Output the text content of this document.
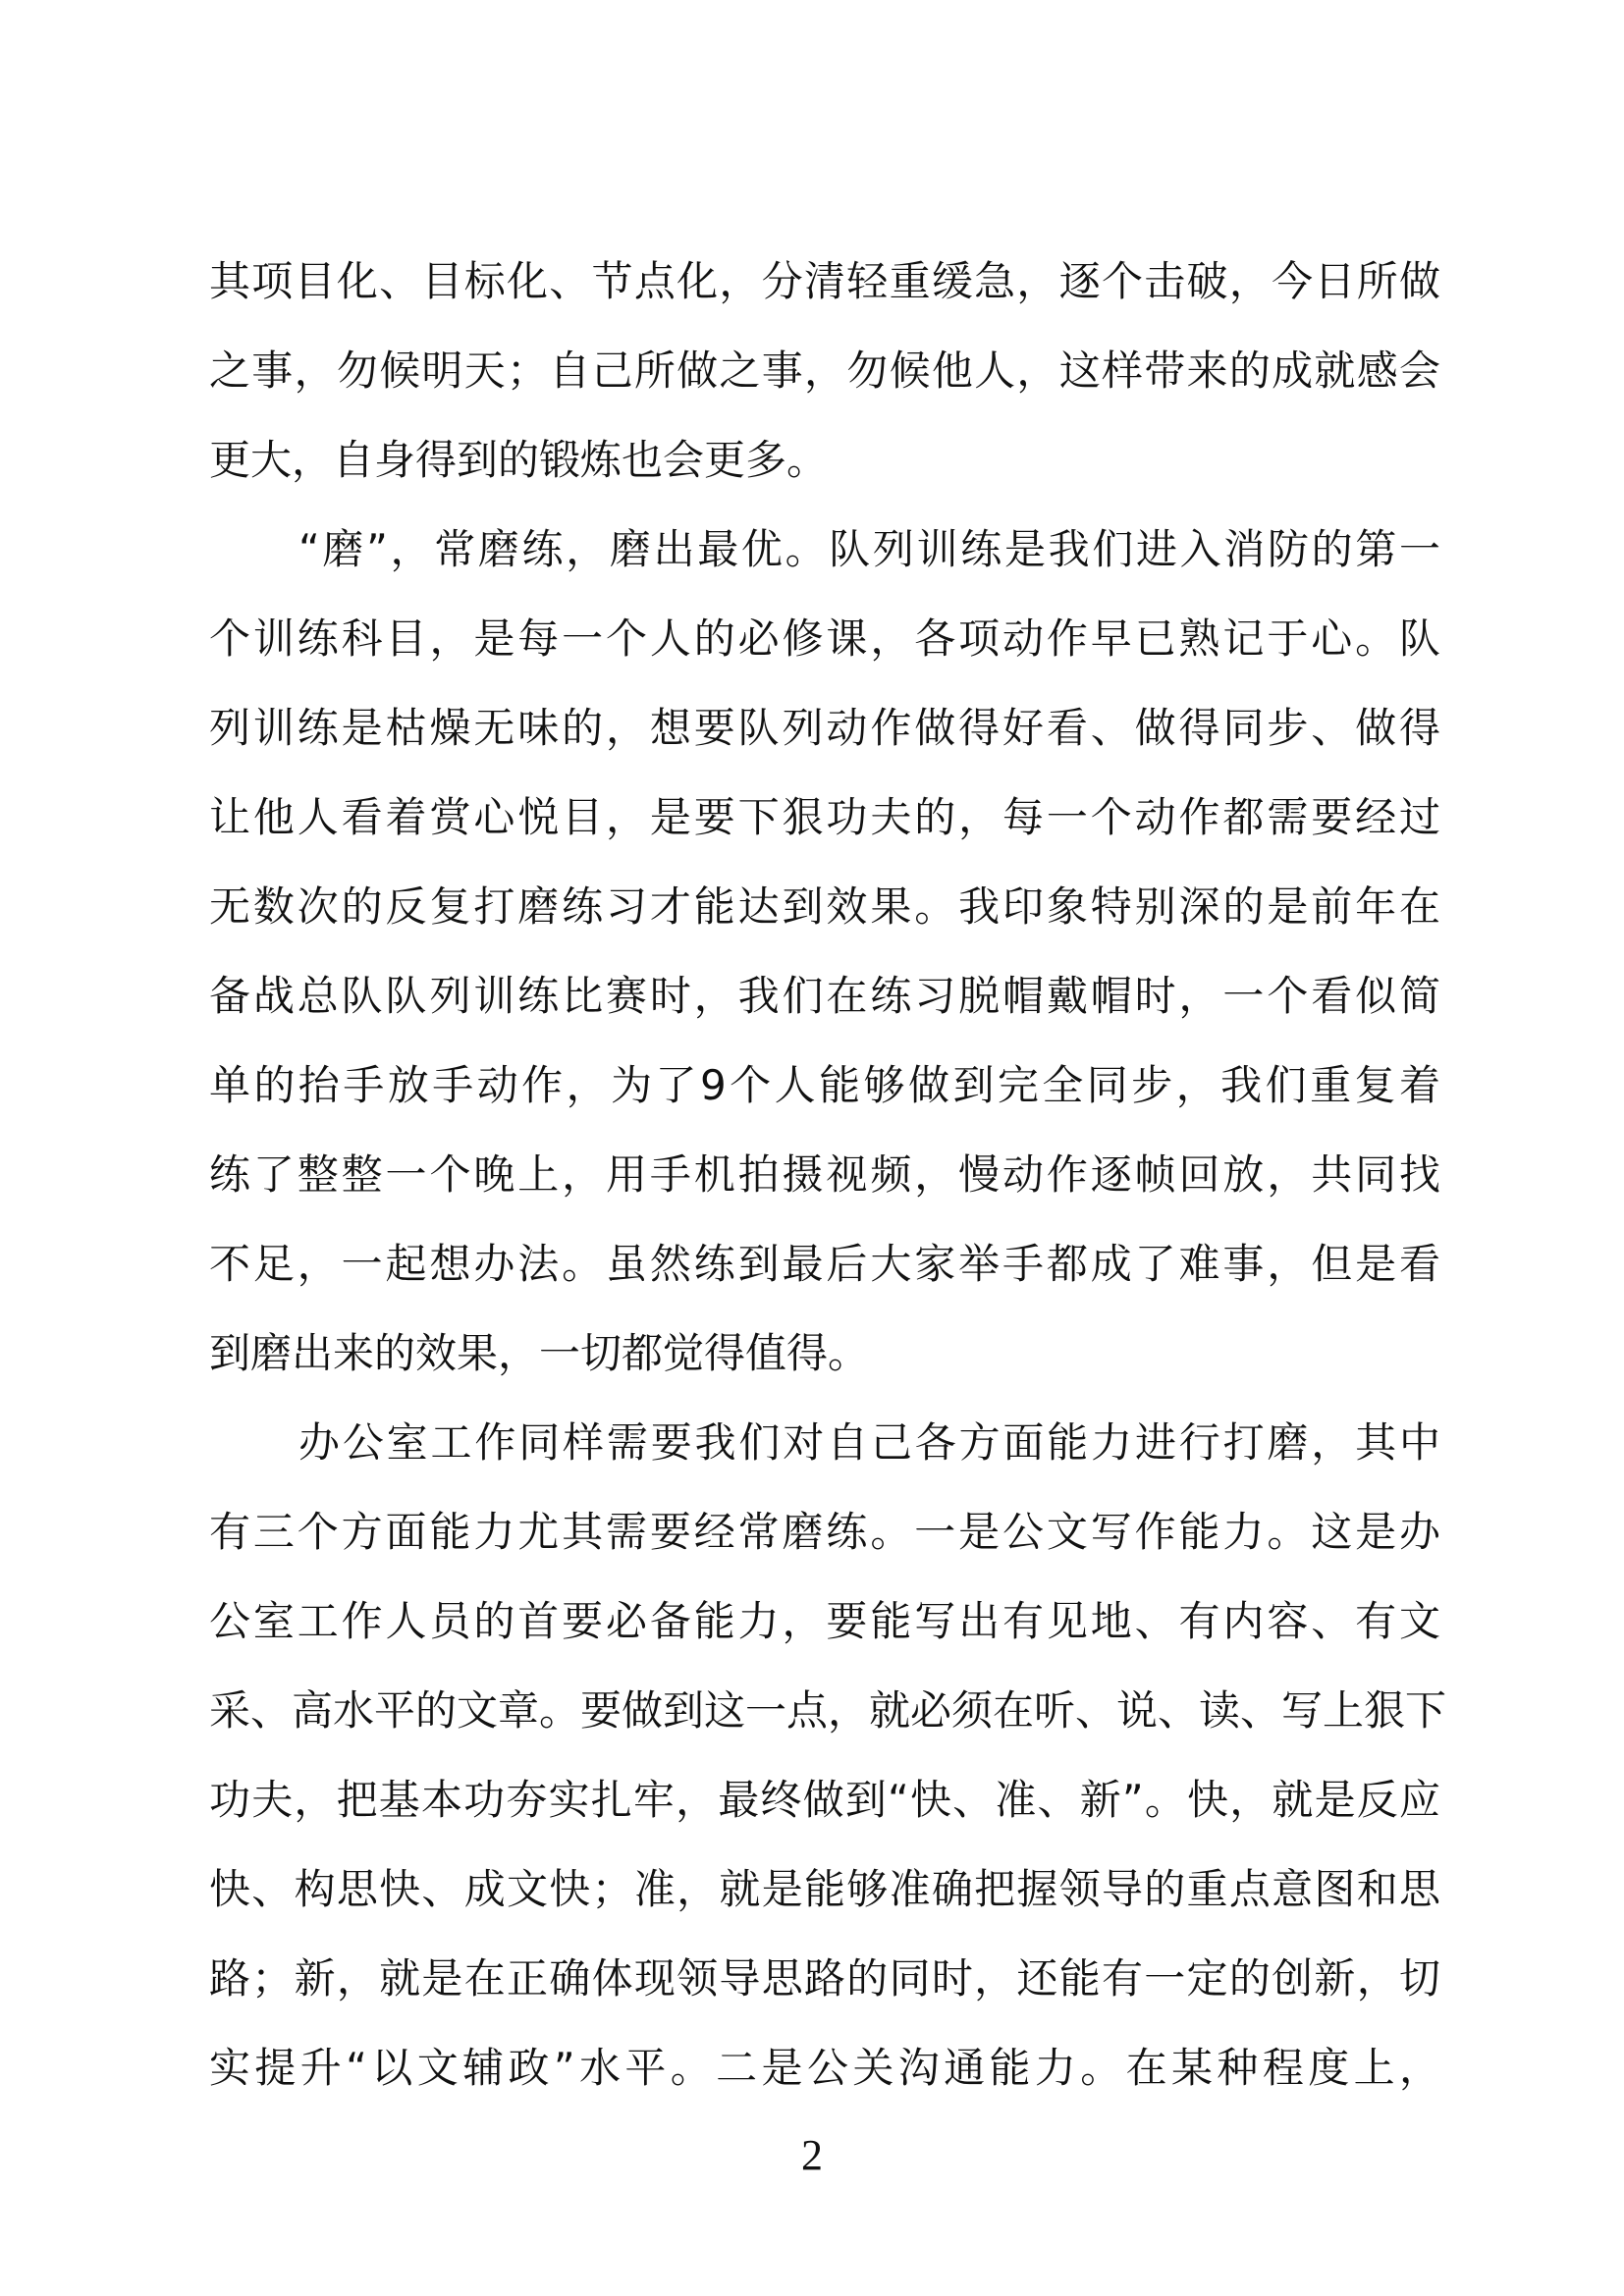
其项目化、目标化、节点化，分清轻重缓急，逐个击破，今日所做
之事，勿候明天；自己所做之事，勿候他人，这样带来的成就感会
更大，自身得到的锻炼也会更多。
“磨”，常磨练，磨出最优。队列训练是我们进入消防的第一
个训练科目，是每一个人的必修课，各项动作早已熟记于心。队
列训练是枯燥无味的，想要队列动作做得好看、做得同步、做得
让他人看着赏心悦目，是要下狠功夫的，每一个动作都需要经过
无数次的反复打磨练习才能达到效果。我印象特别深的是前年在
备战总队队列训练比赛时，我们在练习脱帽戴帽时，一个看似简
单的抬手放手动作，为了9个人能够做到完全同步，我们重复着
练了整整一个晚上，用手机拍摄视频，慢动作逐帧回放，共同找
不足，一起想办法。虽然练到最后大家举手都成了难事，但是看
到磨出来的效果，一切都觉得值得。
办公室工作同样需要我们对自己各方面能力进行打磨，其中
有三个方面能力尤其需要经常磨练。一是公文写作能力。这是办
公室工作人员的首要必备能力，要能写出有见地、有内容、有文
采、高水平的文章。要做到这一点，就必须在听、说、读、写上狠下
功夫，把基本功夯实扎牢，最终做到“快、准、新”。快，就是反应
快、构思快、成文快；准，就是能够准确把握领导的重点意图和思
路；新，就是在正确体现领导思路的同时，还能有一定的创新，切
实提升“以文辅政”水平。二是公关沟通能力。在某种程度上，
2
